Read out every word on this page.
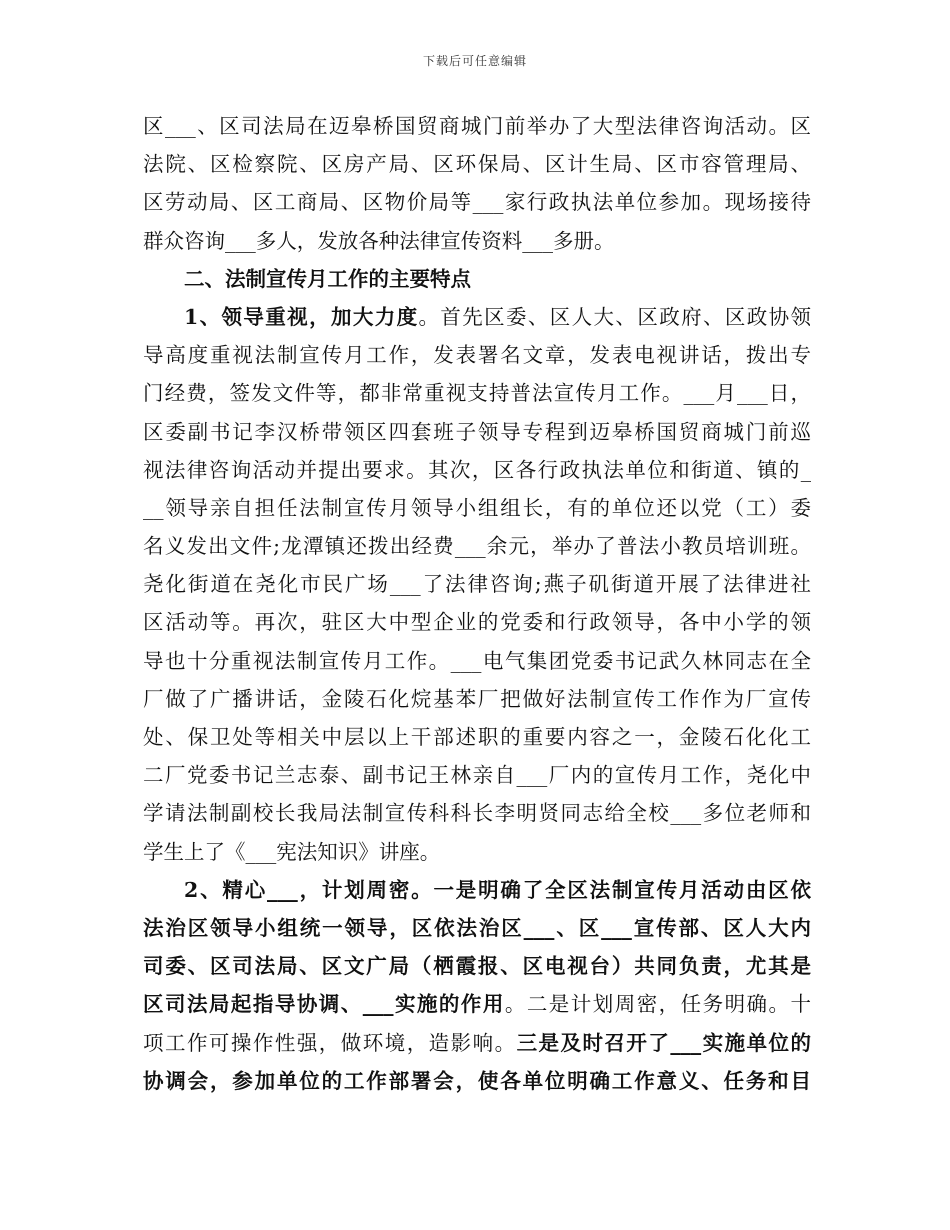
下载后可任意编辑
区___、区司法局在迈皋桥国贸商城门前举办了大型法律咨询活动。区
法院、区检察院、区房产局、区环保局、区计生局、区市容管理局、
区劳动局、区工商局、区物价局等___家行政执法单位参加。现场接待
群众咨询___多人，发放各种法律宣传资料___多册。
二、法制宣传月工作的主要特点
1、领导重视，加大力度。首先区委、区人大、区政府、区政协领
导高度重视法制宣传月工作，发表署名文章，发表电视讲话，拨出专
门经费，签发文件等，都非常重视支持普法宣传月工作。___月___日，
区委副书记李汉桥带领区四套班子领导专程到迈皋桥国贸商城门前巡
视法律咨询活动并提出要求。其次，区各行政执法单位和街道、镇的_
__领导亲自担任法制宣传月领导小组组长，有的单位还以党（工）委
名义发出文件;龙潭镇还拨出经费___余元，举办了普法小教员培训班。
尧化街道在尧化市民广场___了法律咨询;燕子矶街道开展了法律进社
区活动等。再次，驻区大中型企业的党委和行政领导，各中小学的领
导也十分重视法制宣传月工作。___电气集团党委书记武久林同志在全
厂做了广播讲话，金陵石化烷基苯厂把做好法制宣传工作作为厂宣传
处、保卫处等相关中层以上干部述职的重要内容之一，金陵石化化工
二厂党委书记兰志泰、副书记王林亲自___厂内的宣传月工作，尧化中
学请法制副校长我局法制宣传科科长李明贤同志给全校___多位老师和
学生上了《___宪法知识》讲座。
2、精心___，计划周密。一是明确了全区法制宣传月活动由区依
法治区领导小组统一领导，区依法治区___、区___宣传部、区人大内
司委、区司法局、区文广局（栖霞报、区电视台）共同负责，尤其是
区司法局起指导协调、___实施的作用。二是计划周密，任务明确。十
项工作可操作性强，做环境，造影响。三是及时召开了___实施单位的
协调会，参加单位的工作部署会，使各单位明确工作意义、任务和目
